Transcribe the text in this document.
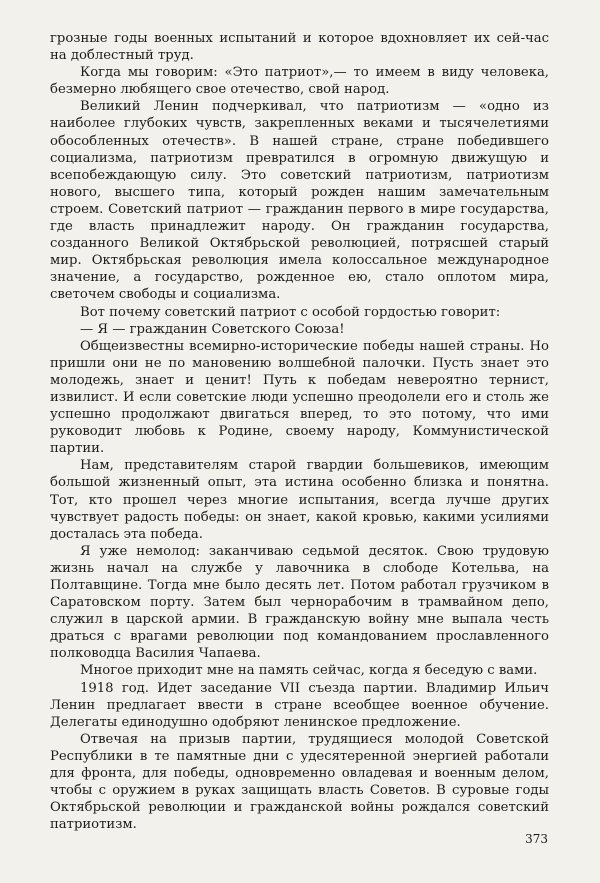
грозные годы военных испытаний и которое вдохновляет их сей-час на доблестный труд.

Когда мы говорим: «Это патриот»,— то имеем в виду человека, безмерно любящего свое отечество, свой народ.

Великий Ленин подчеркивал, что патриотизм — «одно из наиболее глубоких чувств, закрепленных веками и тысячелетиями обособленных отечеств». В нашей стране, стране победившего социализма, патриотизм превратился в огромную движущую и всепобеждающую силу. Это советский патриотизм, патриотизм нового, высшего типа, который рожден нашим замечательным строем. Советский патриот — гражданин первого в мире государства, где власть принадлежит народу. Он гражданин государства, созданного Великой Октябрьской революцией, потрясшей старый мир. Октябрьская революция имела колоссальное международное значение, а государство, рожденное ею, стало оплотом мира, светочем свободы и социализма.

Вот почему советский патриот с особой гордостью говорит:

— Я — гражданин Советского Союза!

Общеизвестны всемирно-исторические победы нашей страны. Но пришли они не по мановению волшебной палочки. Пусть знает это молодежь, знает и ценит! Путь к победам невероятно тернист, извилист. И если советские люди успешно преодолели его и столь же успешно продолжают двигаться вперед, то это потому, что ими руководит любовь к Родине, своему народу, Коммунистической партии.

Нам, представителям старой гвардии большевиков, имеющим большой жизненный опыт, эта истина особенно близка и понятна. Тот, кто прошел через многие испытания, всегда лучше других чувствует радость победы: он знает, какой кровью, какими усилиями досталась эта победа.

Я уже немолод: заканчиваю седьмой десяток. Свою трудовую жизнь начал на службе у лавочника в слободе Котельва, на Полтавщине. Тогда мне было десять лет. Потом работал грузчиком в Саратовском порту. Затем был чернорабочим в трамвайном депо, служил в царской армии. В гражданскую войну мне выпала честь драться с врагами революции под командованием прославленного полководца Василия Чапаева.

Многое приходит мне на память сейчас, когда я беседую с вами.

1918 год. Идет заседание VII съезда партии. Владимир Ильич Ленин предлагает ввести в стране всеобщее военное обучение. Делегаты единодушно одобряют ленинское предложение.

Отвечая на призыв партии, трудящиеся молодой Советской Республики в те памятные дни с удесятеренной энергией работали для фронта, для победы, одновременно овладевая и военным делом, чтобы с оружием в руках защищать власть Советов. В суровые годы Октябрьской революции и гражданской войны рождался советский патриотизм.

373
